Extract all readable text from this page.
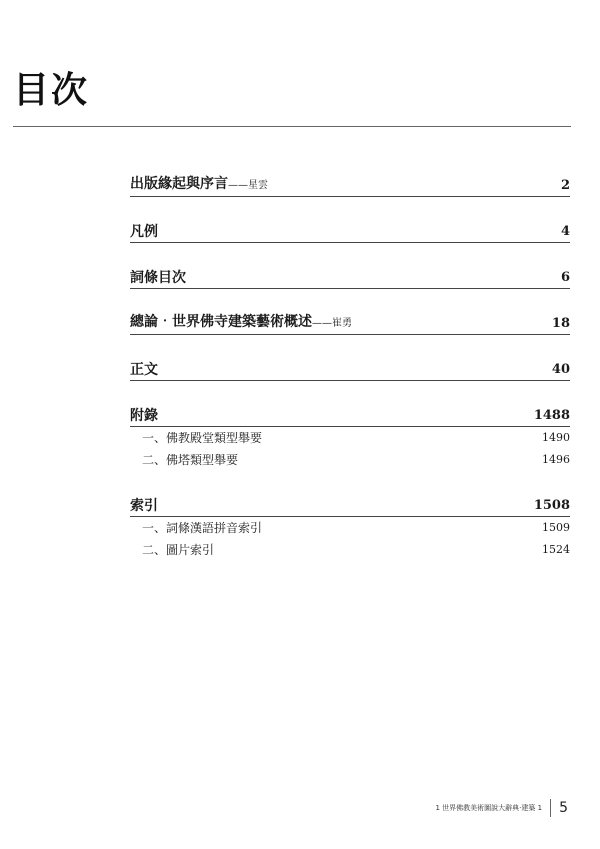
目次
出版緣起與序言——星雲	2
凡例	4
詞條目次	6
總論‧世界佛寺建築藝術概述——崔勇	18
正文	40
附錄	1488
一、佛教殿堂類型舉要	1490
二、佛塔類型舉要	1496
索引	1508
一、詞條漢語拼音索引	1509
二、圖片索引	1524
1 世界佛教美術圖說大辭典‧建築 1 5
